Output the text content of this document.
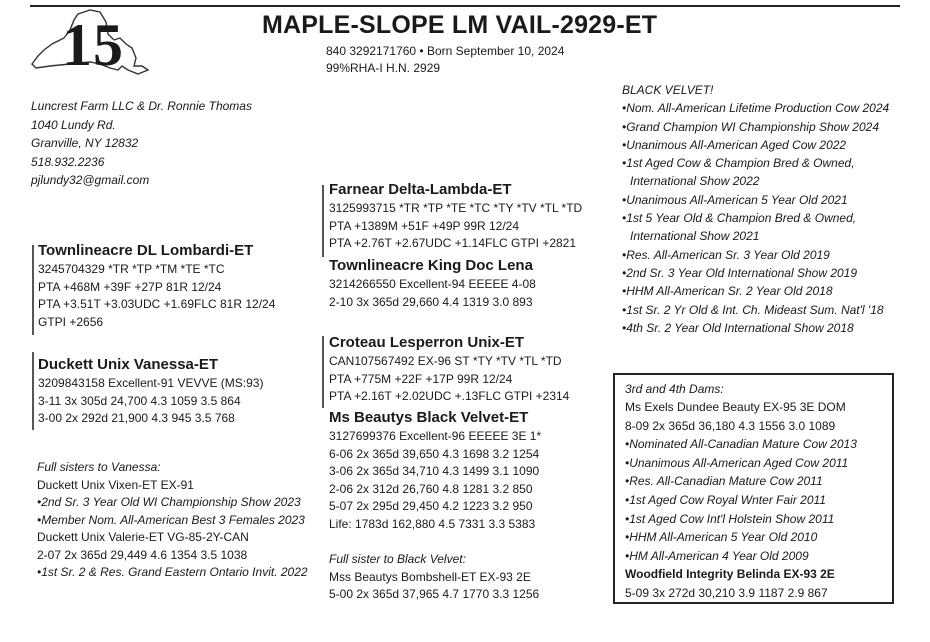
15	MAPLE-SLOPE LM VAIL-2929-ET
840 3292171760 • Born September 10, 2024
99%RHA-I H.N. 2929
Luncrest Farm LLC & Dr. Ronnie Thomas
1040 Lundy Rd.
Granville, NY 12832
518.932.2236
pjlundy32@gmail.com
Townlineacre DL Lombardi-ET
3245704329 *TR *TP *TM *TE *TC
PTA +468M +39F +27P 81R 12/24
PTA +3.51T +3.03UDC +1.69FLC 81R 12/24
GTPI +2656
Duckett Unix Vanessa-ET
3209843158 Excellent-91 VEVVE (MS:93)
3-11 3x 305d 24,700 4.3 1059 3.5 864
3-00 2x 292d 21,900 4.3 945 3.5 768
Full sisters to Vanessa:
Duckett Unix Vixen-ET EX-91
•2nd Sr. 3 Year Old WI Championship Show 2023
•Member Nom. All-American Best 3 Females 2023
Duckett Unix Valerie-ET VG-85-2Y-CAN
2-07 2x 365d 29,449 4.6 1354 3.5 1038
•1st Sr. 2 & Res. Grand Eastern Ontario Invit. 2022
Farnear Delta-Lambda-ET
3125993715 *TR *TP *TE *TC *TY *TV *TL *TD
PTA +1389M +51F +49P 99R 12/24
PTA +2.76T +2.67UDC +1.14FLC GTPI +2821
Townlineacre King Doc Lena
3214266550 Excellent-94 EEEEE 4-08
2-10 3x 365d 29,660 4.4 1319 3.0 893
Croteau Lesperron Unix-ET
CAN107567492 EX-96 ST *TY *TV *TL *TD
PTA +775M +22F +17P 99R 12/24
PTA +2.16T +2.02UDC +.13FLC GTPI +2314
Ms Beautys Black Velvet-ET
3127699376 Excellent-96 EEEEE 3E 1*
6-06 2x 365d 39,650 4.3 1698 3.2 1254
3-06 2x 365d 34,710 4.3 1499 3.1 1090
2-06 2x 312d 26,760 4.8 1281 3.2 850
5-07 2x 295d 29,450 4.2 1223 3.2 950
Life: 1783d 162,880 4.5 7331 3.3 5383
Full sister to Black Velvet:
Mss Beautys Bombshell-ET EX-93 2E
5-00 2x 365d 37,965 4.7 1770 3.3 1256
BLACK VELVET!
•Nom. All-American Lifetime Production Cow 2024
•Grand Champion WI Championship Show 2024
•Unanimous All-American Aged Cow 2022
•1st Aged Cow & Champion Bred & Owned,
International Show 2022
•Unanimous All-American 5 Year Old 2021
•1st 5 Year Old & Champion Bred & Owned,
International Show 2021
•Res. All-American Sr. 3 Year Old 2019
•2nd Sr. 3 Year Old International Show 2019
•HHM All-American Sr. 2 Year Old 2018
•1st Sr. 2 Yr Old & Int. Ch. Mideast Sum. Nat'l '18
•4th Sr. 2 Year Old International Show 2018
3rd and 4th Dams:
Ms Exels Dundee Beauty EX-95 3E DOM
8-09 2x 365d 36,180 4.3 1556 3.0 1089
•Nominated All-Canadian Mature Cow 2013
•Unanimous All-American Aged Cow 2011
•Res. All-Canadian Mature Cow 2011
•1st Aged Cow Royal Wnter Fair 2011
•1st Aged Cow Int'l Holstein Show 2011
•HHM All-American 5 Year Old 2010
•HM All-American 4 Year Old 2009
Woodfield Integrity Belinda EX-93 2E
5-09 3x 272d 30,210 3.9 1187 2.9 867
